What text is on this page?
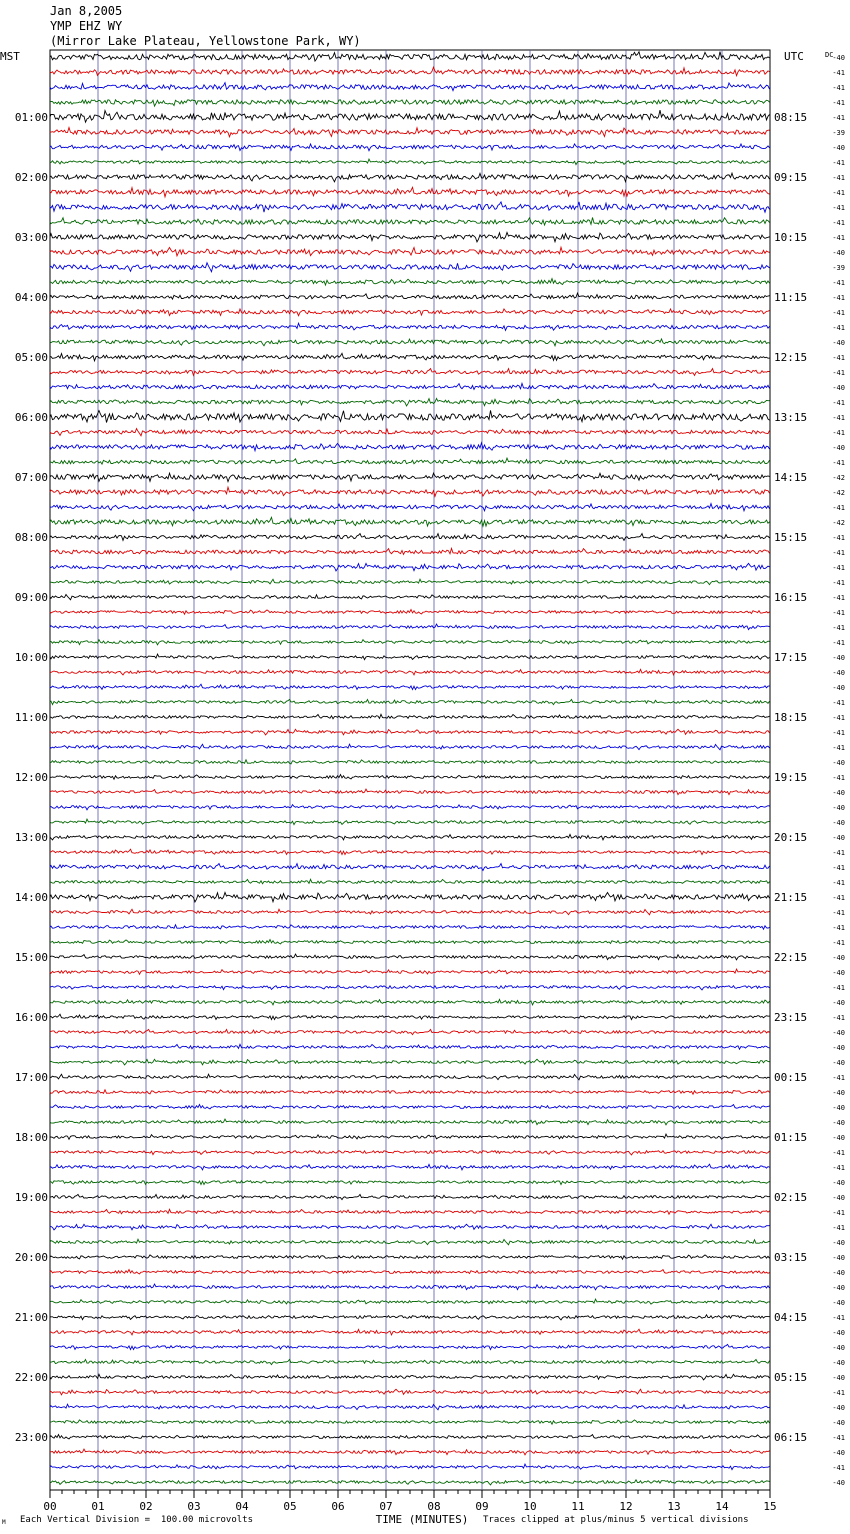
Jan 8,2005
YMP EHZ WY
(Mirror Lake Plateau, Yellowstone Park, WY)
00	01	02	03	04	05	06	07	08	09	10	11	12	13	14	15
TIME (MINUTES)
MST	UTC	DC
01:00
02:00
03:00
04:00
05:00
06:00
07:00
08:00
09:00
10:00
11:00
12:00
13:00
14:00
15:00
16:00
17:00
18:00
19:00
20:00
21:00
22:00
23:00
08:15
09:15
10:15
11:15
12:15
13:15
14:15
15:15
16:15
17:15
18:15
19:15
20:15
21:15
22:15
23:15
00:15
01:15
02:15
03:15
04:15
05:15
06:15
-40
-41
-41
-41
-41
-39
-40
-41
-41
-41
-41
-41
-41
-40
-39
-41
-41
-41
-41
-40
-41
-41
-40
-41
-41
-41
-40
-41
-42
-42
-41
-42
-41
-41
-41
-41
-41
-41
-41
-41
-40
-40
-40
-41
-41
-41
-41
-40
-41
-40
-40
-40
-40
-41
-41
-41
-41
-41
-41
-41
-40
-40
-41
-40
-41
-40
-40
-40
-41
-40
-40
-40
-40
-41
-41
-40
-40
-41
-41
-40
-40
-40
-40
-40
-41
-40
-40
-40
-40
-41
-40
-40
-41
-40
-41
-40
M Each Vertical Division =  100.00 microvolts	Traces clipped at plus/minus 5 vertical divisions
